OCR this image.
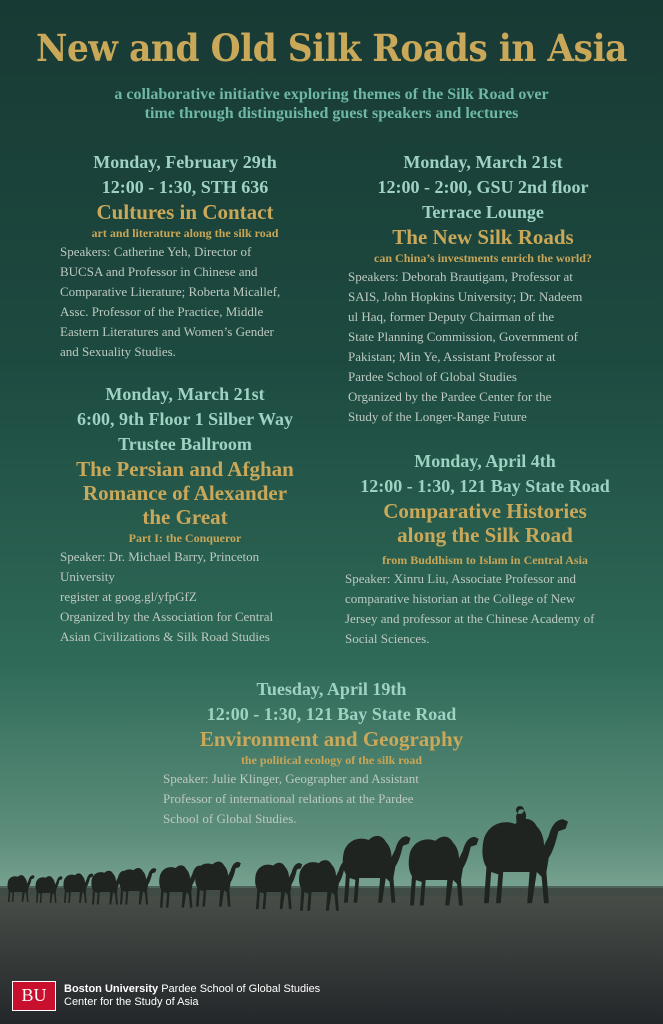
New and Old Silk Roads in Asia
a collaborative initiative exploring themes of the Silk Road over
time through distinguished guest speakers and lectures
Monday, February 29th
12:00 - 1:30, STH 636
Cultures in Contact
art and literature along the silk road
Speakers: Catherine Yeh, Director of
BUCSA and Professor in Chinese and
Comparative Literature; Roberta Micallef,
Assc. Professor of the Practice, Middle
Eastern Literatures and Women’s Gender
and Sexuality Studies.
Monday, March 21st
12:00 - 2:00, GSU 2nd floor
Terrace Lounge
The New Silk Roads
can China’s investments enrich the world?
Speakers: Deborah Brautigam, Professor at
SAIS, John Hopkins University; Dr. Nadeem
ul Haq, former Deputy Chairman of the
State Planning Commission, Government of
Pakistan; Min Ye, Assistant Professor at
Pardee School of Global Studies
Organized by the Pardee Center for the
Study of the Longer-Range Future
Monday, March 21st
6:00, 9th Floor 1 Silber Way
Trustee Ballroom
The Persian and Afghan
Romance of Alexander
the Great
Part I: the Conqueror
Speaker: Dr. Michael Barry, Princeton
University
register at goog.gl/yfpGfZ
Organized by the Association for Central
Asian Civilizations & Silk Road Studies
Monday, April 4th
12:00 - 1:30, 121 Bay State Road
Comparative Histories
along the Silk Road
from Buddhism to Islam in Central Asia
Speaker: Xinru Liu, Associate Professor and
comparative historian at the College of New
Jersey and professor at the Chinese Academy of
Social Sciences.
Tuesday, April 19th
12:00 - 1:30, 121 Bay State Road
Environment and Geography
the political ecology of the silk road
Speaker: Julie Klinger, Geographer and Assistant
Professor of international relations at the Pardee
School of Global Studies.
BU	Boston University Pardee School of Global Studies
Center for the Study of Asia
